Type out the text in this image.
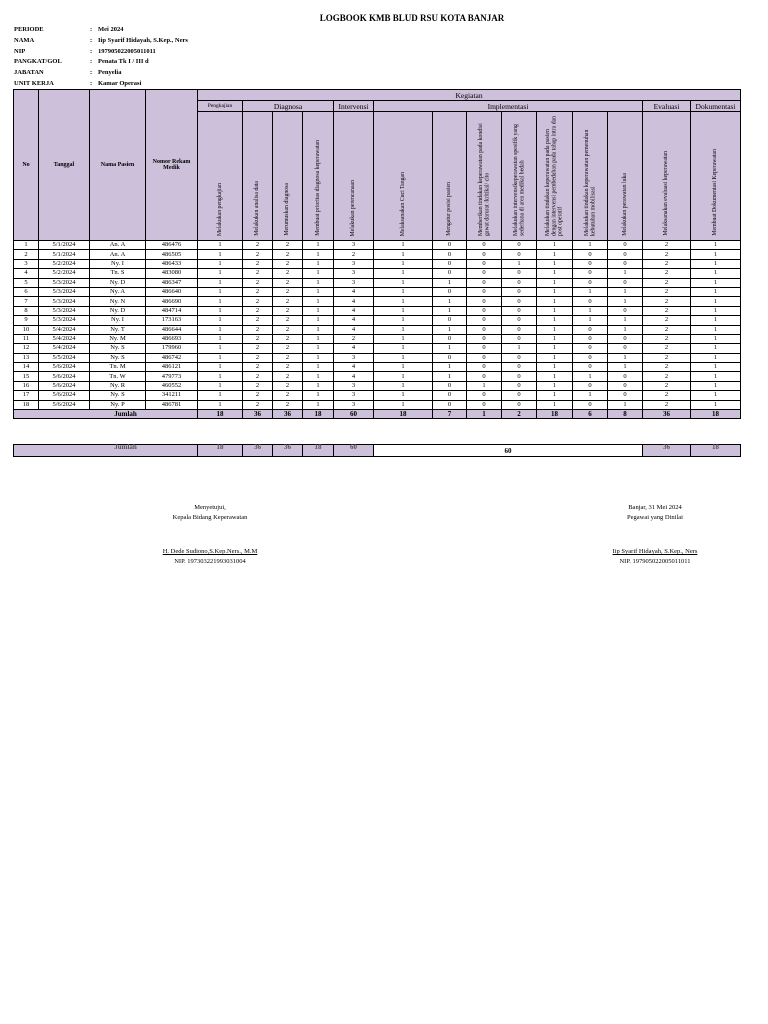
LOGBOOK KMB BLUD RSU KOTA BANJAR
PERIODE	: Mei 2024
NAMA	: Iip Syarif Hidayah, S.Kep., Ners
NIP	: 197905022005011011
PANGKAT/GOL	: Penata Tk I / III d
JABATAN	: Penyelia
UNIT KERJA	: Kamar Operasi
No	Tanggal	Nama Pasien	Nomor Rekam Medik	Kegiatan													
				Pengkajian	Diagnosa			Intervensi	Implementasi							Evaluasi	Dokumentasi
				Melakukan pengkajian	Melakukan analisa data	Merumuskan diagnosa	Membuat prioritas diagnosa keperawatan	Melakukan perencanaan	Melaksanakan Cuci Tangan	Mengatur posisi pasien	Memberikan tindakan keperawatan pada kondisi gawat darurat /kritikal/ cito	Melakukan intervensikeperawatan spesifik yang sederhana di area medikal bedah	Melakukan tindakan keperawatan pada pasien dengan intervensi pembedahan pada tahap intra dan post operatif	Melakukan tindakan keperawatan pemenuhan kebutuhan mobilisasi	Melakukan perawatan luka	Melaksanakan evaluasi keperawatan	Membuat Dokumentasi Keperawatan
1	5/1/2024	An. A	486476	1	2	2	1	3	1	0	0	0	1	1	0	2	1
2	5/1/2024	An. A	486505	1	2	2	1	2	1	0	0	0	1	0	0	2	1
3	5/2/2024	Ny. I	486433	1	2	2	1	3	1	0	0	1	1	0	0	2	1
4	5/2/2024	Tn. S	483080	1	2	2	1	3	1	0	0	0	1	0	1	2	1
5	5/3/2024	Ny. D	486347	1	2	2	1	3	1	1	0	0	1	0	0	2	1
6	5/3/2024	Ny. A	486640	1	2	2	1	4	1	0	0	0	1	1	1	2	1
7	5/3/2024	Ny. N	486690	1	2	2	1	4	1	1	0	0	1	0	1	2	1
8	5/3/2024	Ny. D	484714	1	2	2	1	4	1	1	0	0	1	1	0	2	1
9	5/3/2024	Ny. I	173163	1	2	2	1	4	1	0	0	0	1	1	1	2	1
10	5/4/2024	Ny. T	486644	1	2	2	1	4	1	1	0	0	1	0	1	2	1
11	5/4/2024	Ny. M	486693	1	2	2	1	2	1	0	0	0	1	0	0	2	1
12	5/4/2024	Ny. S	179960	1	2	2	1	4	1	1	0	1	1	0	0	2	1
13	5/5/2024	Ny. S	486742	1	2	2	1	3	1	0	0	0	1	0	1	2	1
14	5/6/2024	Tn. M	486121	1	2	2	1	4	1	1	0	0	1	0	1	2	1
15	5/6/2024	Tn. W	479773	1	2	2	1	4	1	1	0	0	1	1	0	2	1
16	5/6/2024	Ny. R	460552	1	2	2	1	3	1	0	1	0	1	0	0	2	1
17	5/6/2024	Ny. S	341211	1	2	2	1	3	1	0	0	0	1	1	0	2	1
18	5/6/2024	Ny. P	486781	1	2	2	1	3	1	0	0	0	1	0	1	2	1
Jumlah				18	36	36	18	60	18	7	1	2	18	6	8	36	18

Jumlah				18	36	36	18	60	60							36	18
Menyetujui,
Kepala Bidang Keperawatan
H. Dede Sudiono,S.Kep.Ners., M.M
NIP. 197303221993031004
Banjar, 31 Mei 2024
Pegawai yang Dinilai
Iip Syarif Hidayah, S.Kep., Ners
NIP. 197905022005011011
